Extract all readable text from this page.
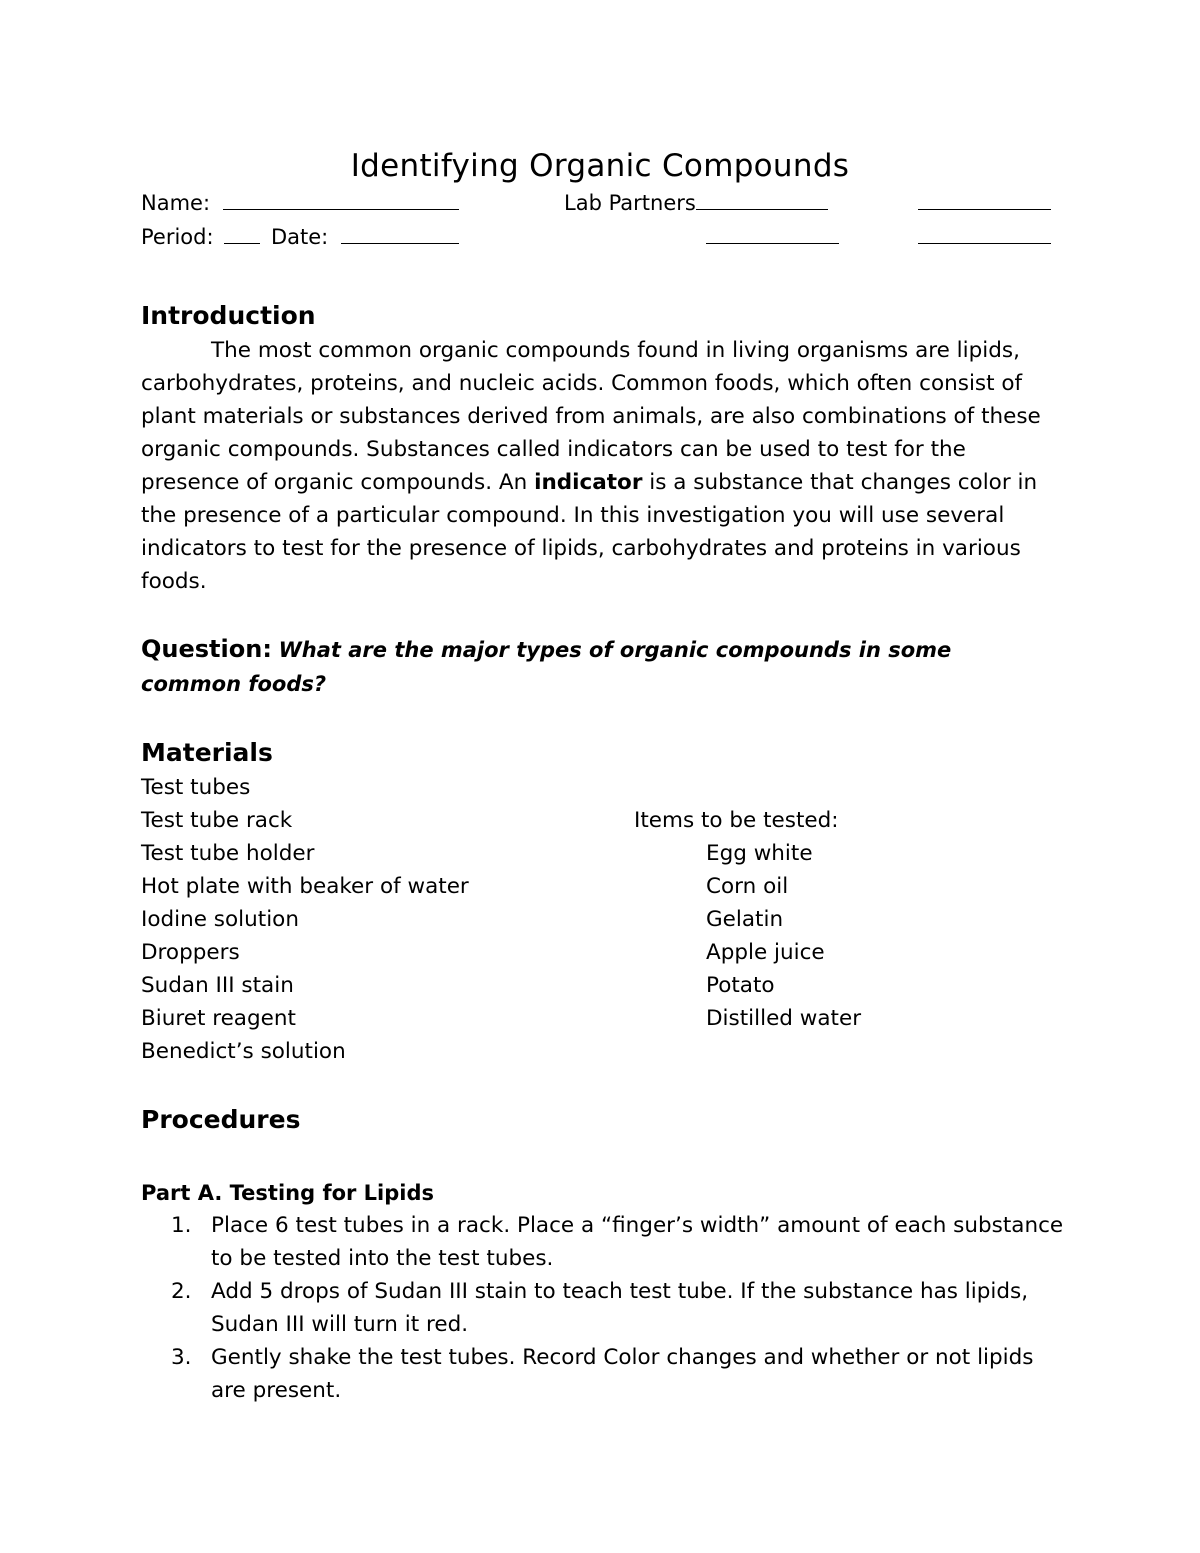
Identifying Organic Compounds
Name:	Lab Partners
Period:	Date:
Introduction
The most common organic compounds found in living organisms are lipids, carbohydrates, proteins, and nucleic acids. Common foods, which often consist of plant materials or substances derived from animals, are also combinations of these organic compounds. Substances called indicators can be used to test for the presence of organic compounds. An indicator is a substance that changes color in the presence of a particular compound. In this investigation you will use several indicators to test for the presence of lipids, carbohydrates and proteins in various foods.
Question: What are the major types of organic compounds in some common foods?
Materials
Test tubes
Test tube rack
Test tube holder
Hot plate with beaker of water
Iodine solution
Droppers
Sudan III stain
Biuret reagent
Benedict’s solution
Items to be tested:
Egg white
Corn oil
Gelatin
Apple juice
Potato
Distilled water
Procedures
Part A. Testing for Lipids
1. Place 6 test tubes in a rack. Place a “finger’s width” amount of each substance to be tested into the test tubes.
2. Add 5 drops of Sudan III stain to teach test tube. If the substance has lipids, Sudan III will turn it red.
3. Gently shake the test tubes. Record Color changes and whether or not lipids are present.
